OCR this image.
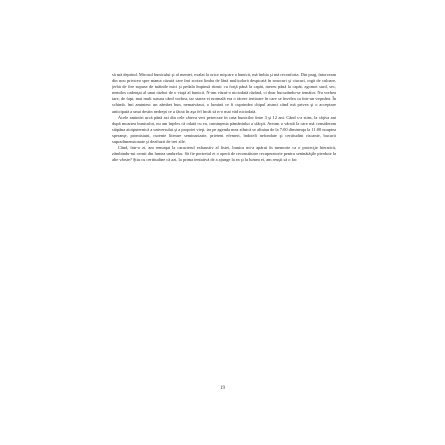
să mă deprind. Mirosul bunicului şi al mentei, exalat la orice mişcare a bunicii, mă îmbia şi mă reconforta. Din prag, întorceam din nou privirea spre mama căzută care îmi scotea limba de lână mulicoloră despicată în smocuri şi ciucuri, orgă de culoare, jerbă de fire supuse de mâinile mici şi pedala împinsă ritmic cu forţă până la capăt, mereu până la capăt, zgomot surd, sec, nemilos cadenţat al unui război de o viaţă al bunicii. N-am văzut-o niciodată râzând, ci doar bucurându-se temător. Nu vorbea tare, de fapt, mai mult susura când vorbea, iar starea ei normală era o tăcere ierttoare în care se învelea ca într-un veşmânt. În schimb, îmi amintesc un zâmbet bun, nemaivăzut, o lumină ce îi cuprindea chipul atunci când mă privea şi o acceptare anticipată a unui destin nedrept ce a făcut în aşa fel încât să n-o mai văd niciodată.

Acele amintiri urcă până azi din cele câteva veri petrecute în casa bunicilor între 3 şi 12 ani. Când s-a stins, la câţiva ani după moartea bunicului, nu am înţeles că odată cu ea, cuminţenia pământului a sfârşit. Aveam o vârstă la care mă consideram stăpâna atotputernică a universului şi a propriei vieţi, iar pe agenda mea zilnică se aliniau de la 7:00 dimineaţa la 11:00 noaptea speranţe, promisiuni, curente literare seminarizate, prieteni efemeri, îndoieli nefondate şi certitudini riscante, bucurii supradimensionate şi deziluzii de trei zile.

Când, într-o zi, am renunţat la caracterul exhaustiv al listei, bunica mi-a apărut în memorie ca o proiecţie hieratică, zâmbindu-mi cernit din lumea umbrelor. Să fie portretul ei o operă de reconstituire recuperatorie pentru seninătăţile pierdute la alte vârste? Ştiu cu certitudine că azi, la prima tentativă de a ajunge la ea şi la lumea ei, am reuşit să o fac

19
